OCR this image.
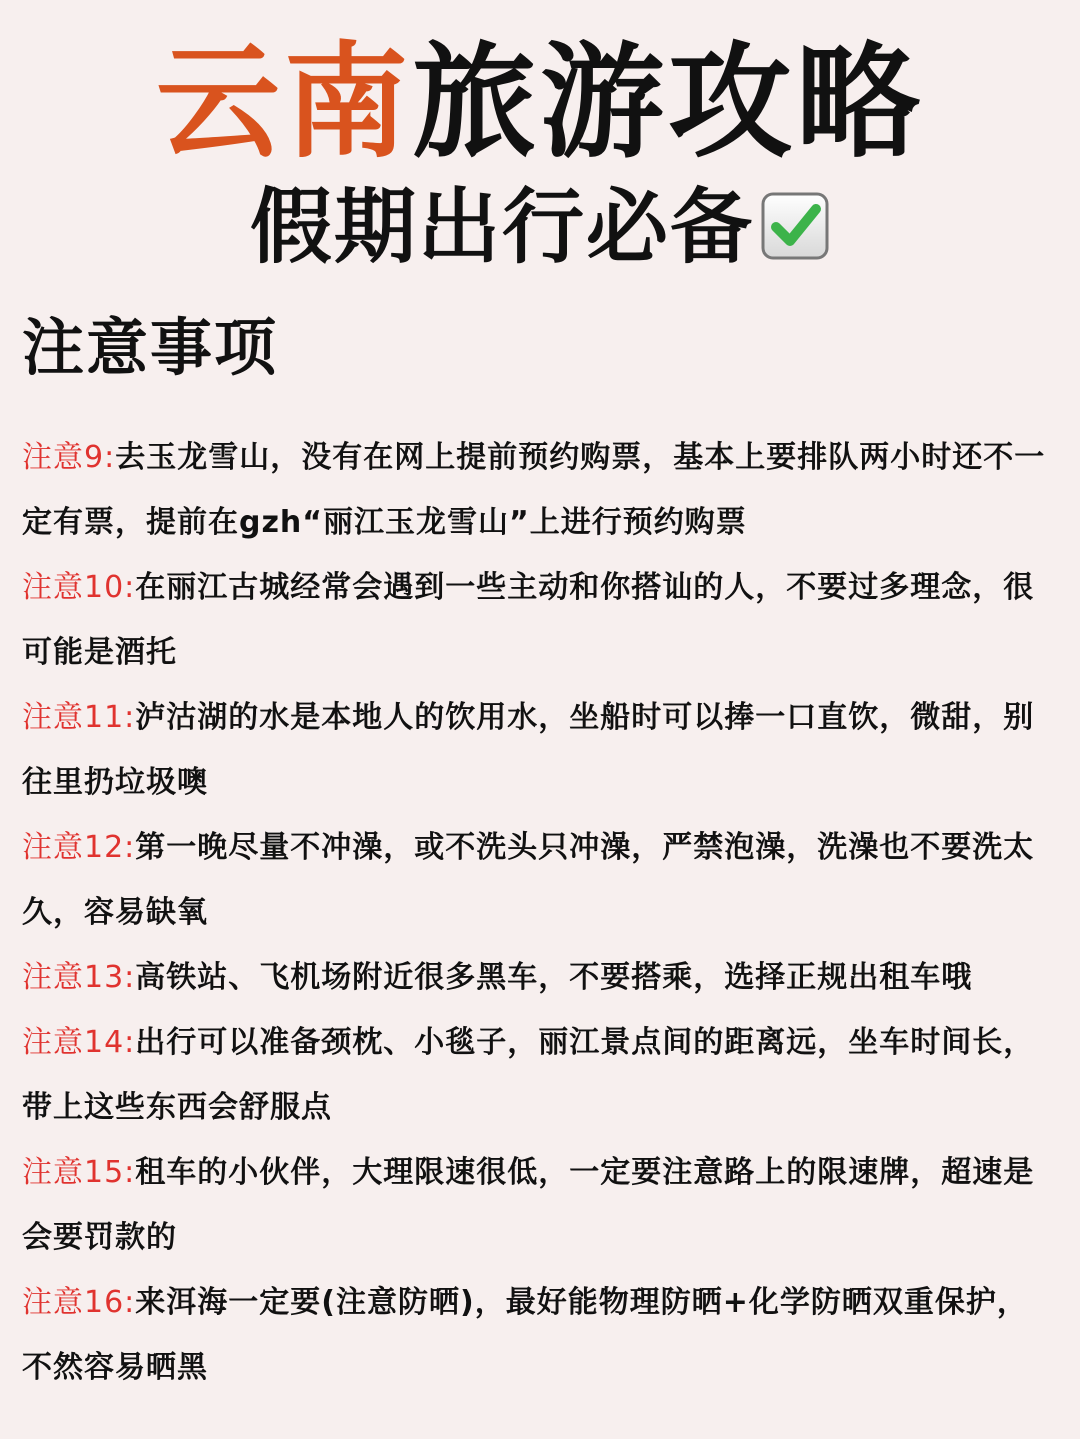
云南旅游攻略
假期出行必备
注意事项

注意9:去玉龙雪山，没有在网上提前预约购票，基本上要排队两小时还不一定有票，提前在gzh“丽江玉龙雪山”上进行预约购票

注意10:在丽江古城经常会遇到一些主动和你搭讪的人，不要过多理念，很可能是酒托

注意11:泸沽湖的水是本地人的饮用水，坐船时可以捧一口直饮，微甜，别往里扔垃圾噢

注意12:第一晚尽量不冲澡，或不洗头只冲澡，严禁泡澡，洗澡也不要洗太久，容易缺氧

注意13:高铁站、飞机场附近很多黑车，不要搭乘，选择正规出租车哦

注意14:出行可以准备颈枕、小毯子，丽江景点间的距离远，坐车时间长，带上这些东西会舒服点

注意15:租车的小伙伴，大理限速很低，一定要注意路上的限速牌，超速是会要罚款的

注意16:来洱海一定要(注意防晒)，最好能物理防晒+化学防晒双重保护，不然容易晒黑
